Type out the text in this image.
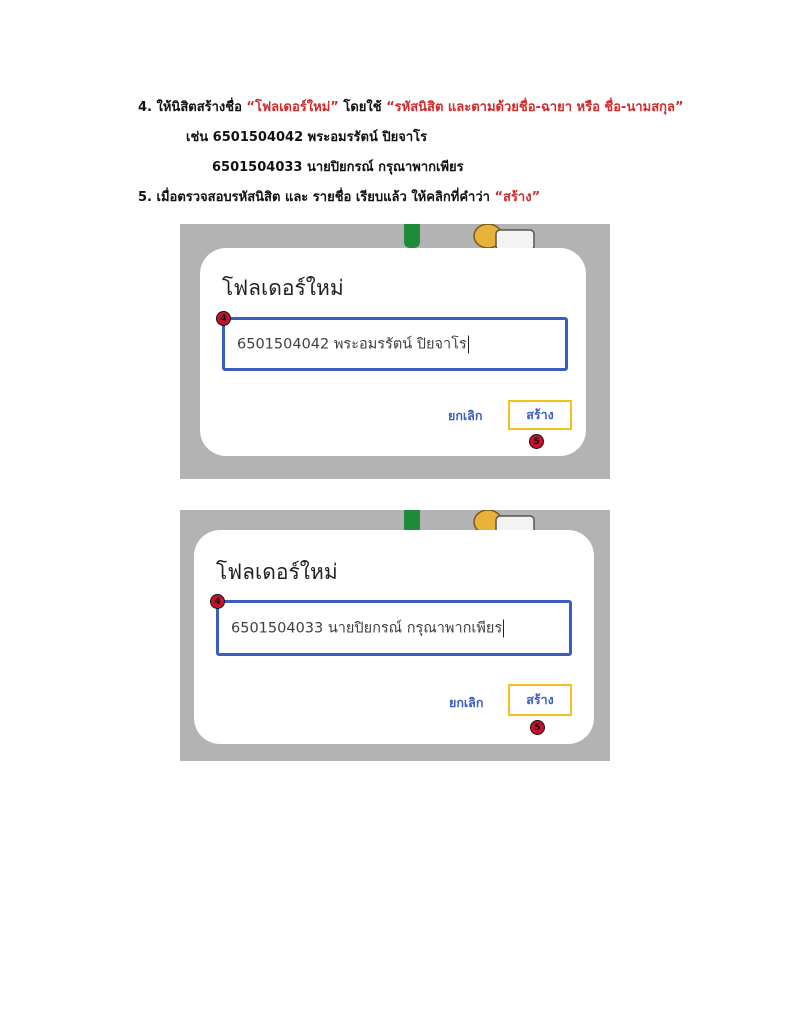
4. ให้นิสิตสร้างชื่อ “โฟลเดอร์ใหม่” โดยใช้ “รหัสนิสิต และตามด้วยชื่อ-ฉายา หรือ ชื่อ-นามสกุล”
เช่น 6501504042 พระอมรรัตน์ ปิยจาโร
6501504033 นายปิยกรณ์ กรุณาพากเพียร
5. เมื่อตรวจสอบรหัสนิสิต และ รายชื่อ เรียบแล้ว ให้คลิกที่คำว่า “สร้าง”
โฟลเดอร์ใหม่
6501504042 พระอมรรัตน์ ปิยจาโร
ยกเลิก	สร้าง
4
5
โฟลเดอร์ใหม่
6501504033 นายปิยกรณ์ กรุณาพากเพียร
ยกเลิก	สร้าง
4
5
